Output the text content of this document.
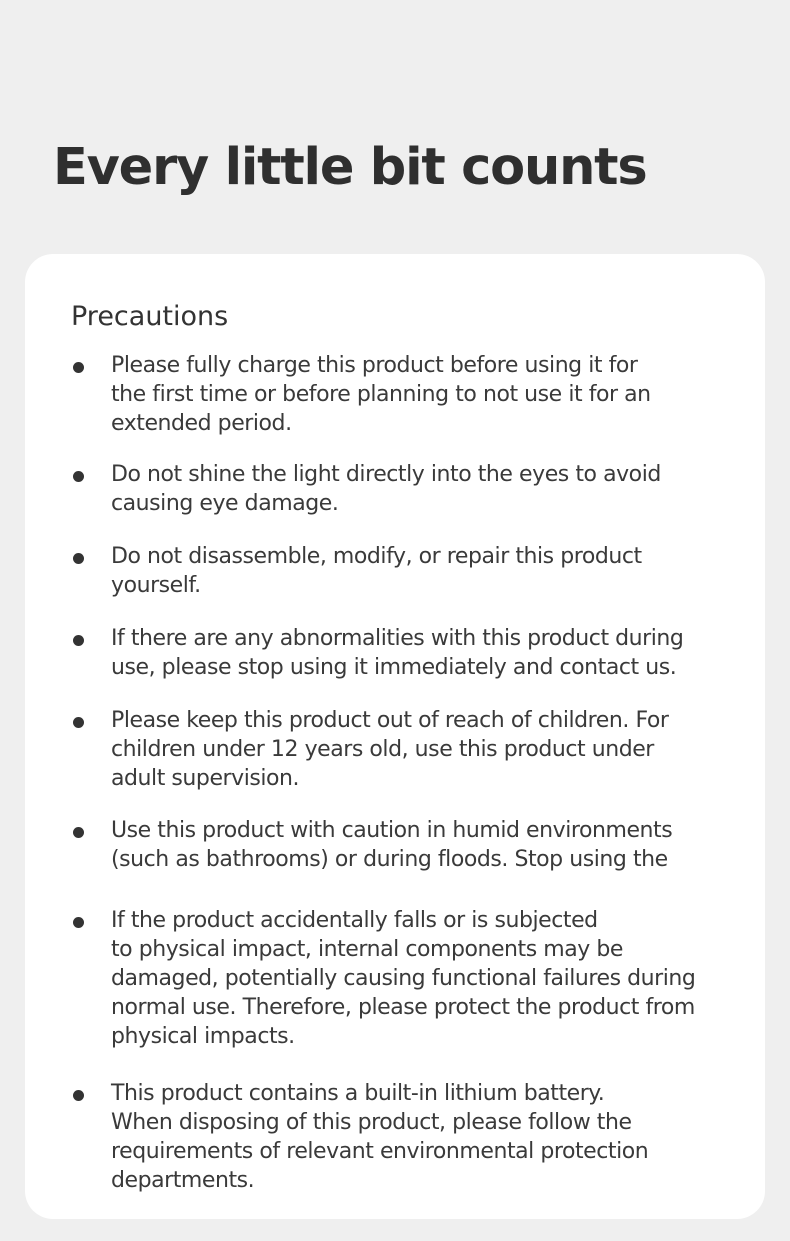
Every little bit counts
Precautions
Please fully charge this product before using it for
the first time or before planning to not use it for an
extended period.
Do not shine the light directly into the eyes to avoid
causing eye damage.
Do not disassemble, modify, or repair this product
yourself.
If there are any abnormalities with this product during
use, please stop using it immediately and contact us.
Please keep this product out of reach of children. For
children under 12 years old, use this product under
adult supervision.
Use this product with caution in humid environments
(such as bathrooms) or during floods. Stop using the
If the product accidentally falls or is subjected
to physical impact, internal components may be
damaged, potentially causing functional failures during
normal use. Therefore, please protect the product from
physical impacts.
This product contains a built-in lithium battery.
When disposing of this product, please follow the
requirements of relevant environmental protection
departments.
